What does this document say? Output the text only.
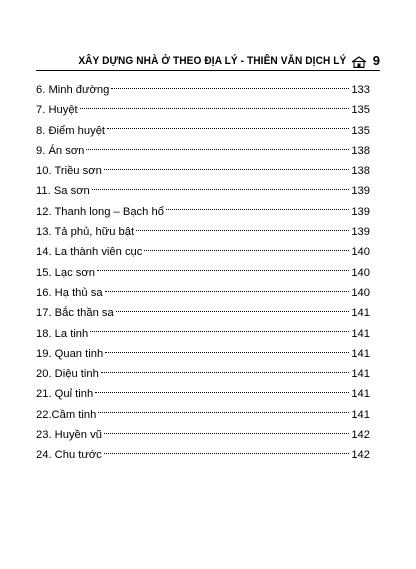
XÂY DỰNG NHÀ Ở THEO ĐỊA LÝ - THIÊN VĂN DỊCH LÝ 9
6. Minh đường	133
7. Huyệt	135
8. Điểm huyệt	135
9. Án sơn	138
10. Triều sơn	138
11. Sa sơn	139
12. Thanh long – Bạch hổ	139
13. Tả phủ, hữu bật	139
14. La thành viên cục	140
15. Lạc sơn	140
16. Hạ thủ sa	140
17. Bắc thần sa	141
18. La tinh	141
19. Quan tinh	141
20. Diệu tinh	141
21. Quỉ tinh	141
22.Cầm tinh	141
23. Huyền vũ	142
24. Chu tước	142
